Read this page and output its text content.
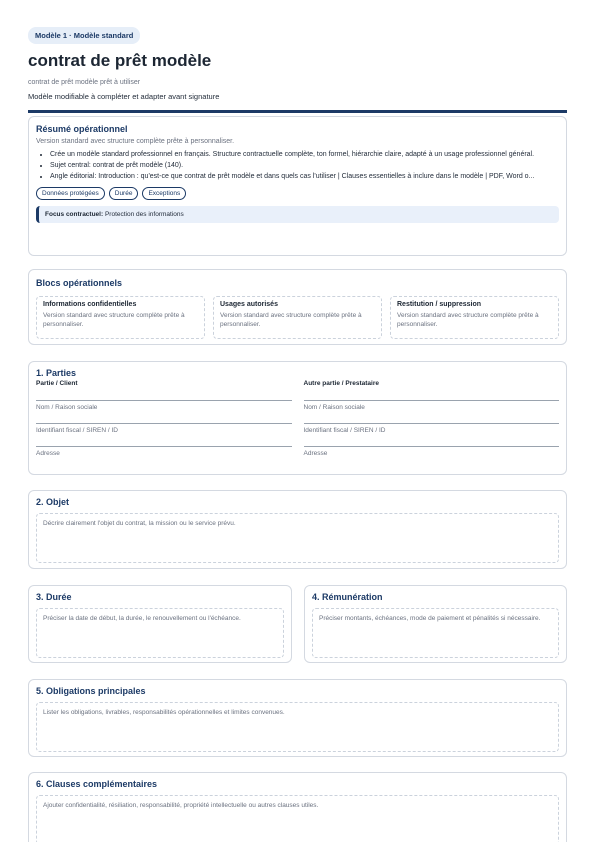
Modèle 1 · Modèle standard
contrat de prêt modèle
contrat de prêt modèle prêt à utiliser
Modèle modifiable à compléter et adapter avant signature
Résumé opérationnel
Version standard avec structure complète prête à personnaliser.
• Crée un modèle standard professionnel en français. Structure contractuelle complète, ton formel, hiérarchie claire, adapté à un usage professionnel général.
• Sujet central: contrat de prêt modèle (140).
• Angle éditorial: Introduction : qu'est-ce que contrat de prêt modèle et dans quels cas l'utiliser | Clauses essentielles à inclure dans le modèle | PDF, Word o...
Données protégées	Durée	Exceptions
Focus contractuel: Protection des informations
Blocs opérationnels
Informations confidentielles
Version standard avec structure complète prête à personnaliser.
Usages autorisés
Version standard avec structure complète prête à personnaliser.
Restitution / suppression
Version standard avec structure complète prête à personnaliser.
1. Parties
Partie / Client
Nom / Raison sociale
Identifiant fiscal / SIREN / ID
Adresse
Autre partie / Prestataire
Nom / Raison sociale
Identifiant fiscal / SIREN / ID
Adresse
2. Objet
Décrire clairement l'objet du contrat, la mission ou le service prévu.
3. Durée
Préciser la date de début, la durée, le renouvellement ou l'échéance.
4. Rémunération
Préciser montants, échéances, mode de paiement et pénalités si nécessaire.
5. Obligations principales
Lister les obligations, livrables, responsabilités opérationnelles et limites convenues.
6. Clauses complémentaires
Ajouter confidentialité, résiliation, responsabilité, propriété intellectuelle ou autres clauses utiles.
